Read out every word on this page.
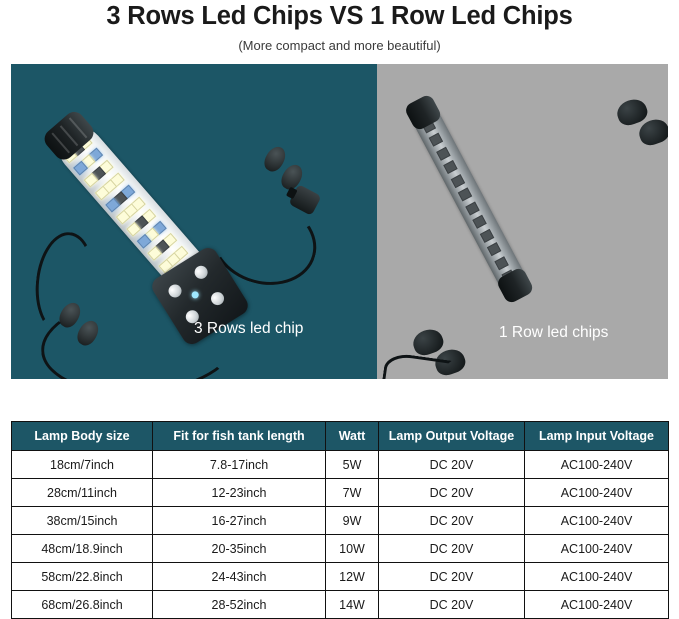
3 Rows Led Chips VS 1 Row Led Chips
(More compact and more beautiful)
3 Rows led chip	1 Row led chips
Lamp Body size	Fit for fish tank length	Watt	Lamp Output Voltage	Lamp Input Voltage
18cm/7inch	7.8-17inch	5W	DC 20V	AC100-240V
28cm/11inch	12-23inch	7W	DC 20V	AC100-240V
38cm/15inch	16-27inch	9W	DC 20V	AC100-240V
48cm/18.9inch	20-35inch	10W	DC 20V	AC100-240V
58cm/22.8inch	24-43inch	12W	DC 20V	AC100-240V
68cm/26.8inch	28-52inch	14W	DC 20V	AC100-240V
